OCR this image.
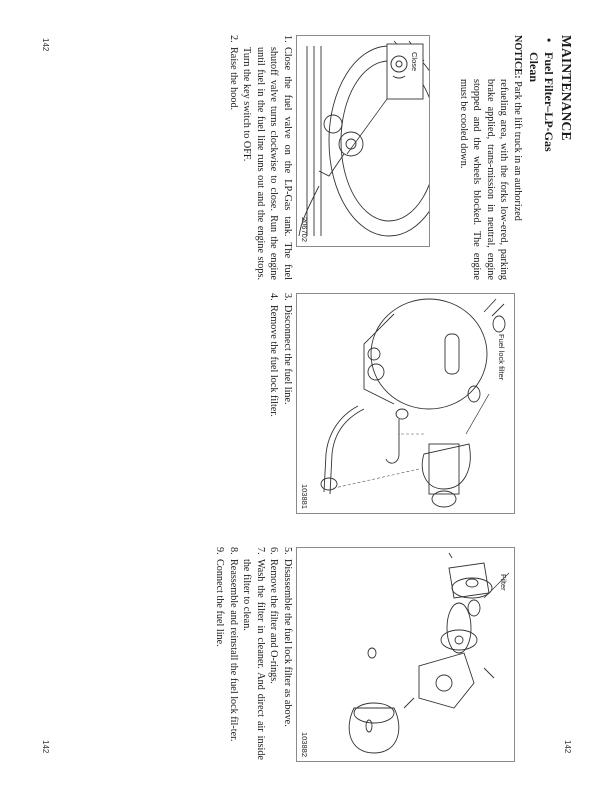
MAINTENANCE
•Fuel Filter–LP-Gas
Clean
NOTICE: Park the lift truck in an authorized
refueling area, with the forks low-ered, parking brake applied, trans-mission in neutral, engine stopped and the wheels blocked. The engine must be cooled down.
Close
206702
1.
Close the fuel valve on the LP-Gas tank. The fuel shutoff valve turns clockwise to close. Run the engine until fuel in the fuel line runs out and the engine stops. Turn the key switch to OFF.
2.
Raise the hood.
Fuel lock filter
103881
3.
Disconnect the fuel line.
4.
Remove the fuel lock filter.
Filter
103882
5.
Disassemble the fuel lock filter as above.
6.
Remove the filter and O-rings.
7.
Wash the filter in cleaner. And direct air inside the filter to clean.
8.
Reassemble and reinstall the fuel lock fil-ter.
9.
Connect the fuel line.
142
142	142
